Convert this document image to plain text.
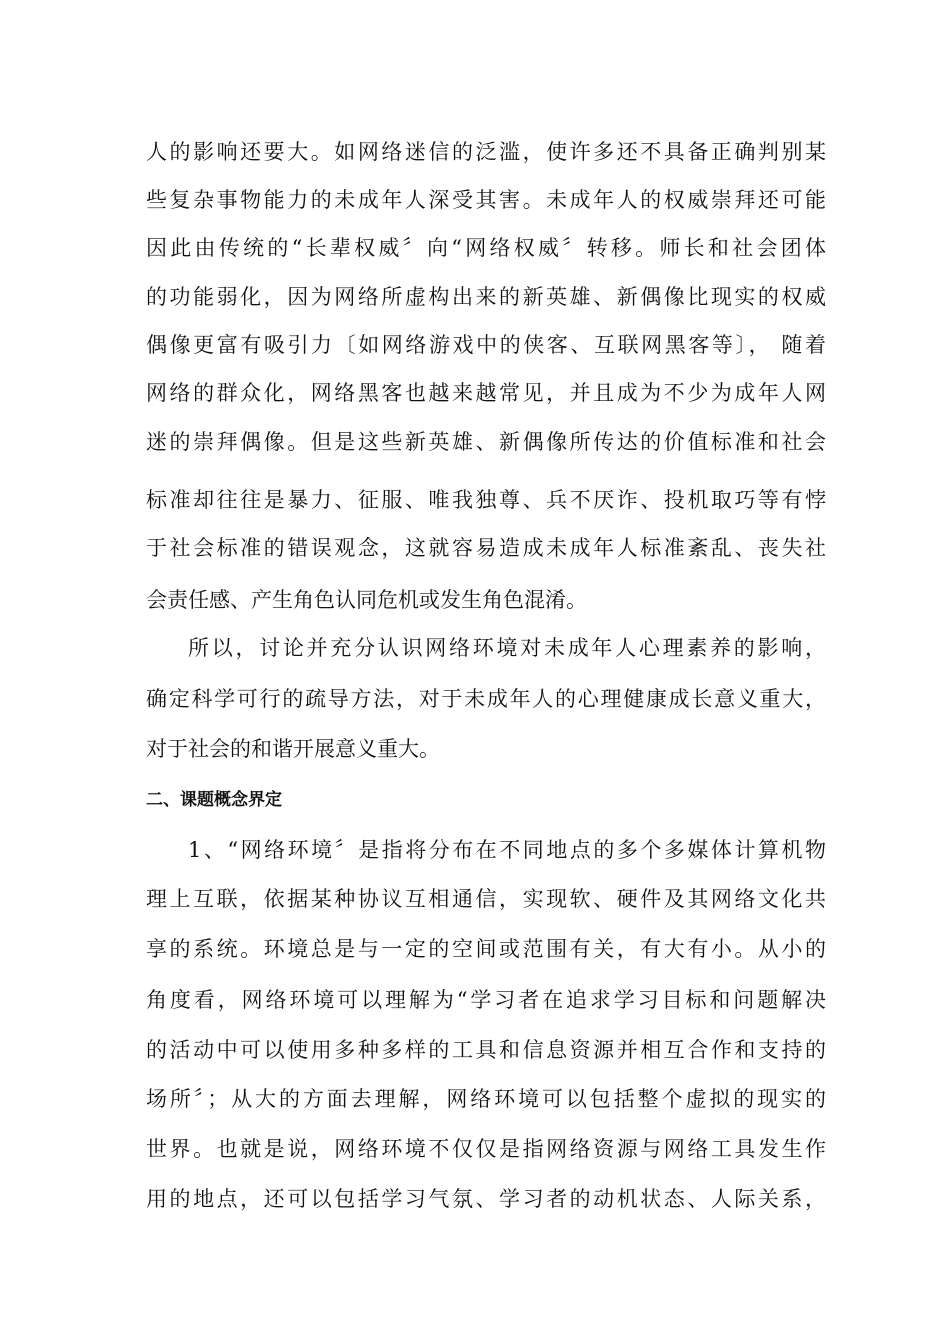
人的影响还要大。如网络迷信的泛滥，使许多还不具备正确判别某
些复杂事物能力的未成年人深受其害。未成年人的权威崇拜还可能
因此由传统的“长辈权威〞向“网络权威〞转移。师长和社会团体
的功能弱化，因为网络所虚构出来的新英雄、新偶像比现实的权威
偶像更富有吸引力〔如网络游戏中的侠客、互联网黑客等〕， 随着
网络的群众化，网络黑客也越来越常见，并且成为不少为成年人网
迷的崇拜偶像。但是这些新英雄、新偶像所传达的价值标准和社会
标准却往往是暴力、征服、唯我独尊、兵不厌诈、投机取巧等有悖
于社会标准的错误观念，这就容易造成未成年人标准紊乱、丧失社
会责任感、产生角色认同危机或发生角色混淆。
所以，讨论并充分认识网络环境对未成年人心理素养的影响，
确定科学可行的疏导方法，对于未成年人的心理健康成长意义重大，
对于社会的和谐开展意义重大。
二、课题概念界定
1、“网络环境〞是指将分布在不同地点的多个多媒体计算机物
理上互联，依据某种协议互相通信，实现软、硬件及其网络文化共
享的系统。环境总是与一定的空间或范围有关，有大有小。从小的
角度看，网络环境可以理解为“学习者在追求学习目标和问题解决
的活动中可以使用多种多样的工具和信息资源并相互合作和支持的
场所〞；从大的方面去理解，网络环境可以包括整个虚拟的现实的
世界。也就是说，网络环境不仅仅是指网络资源与网络工具发生作
用的地点，还可以包括学习气氛、学习者的动机状态、人际关系，
